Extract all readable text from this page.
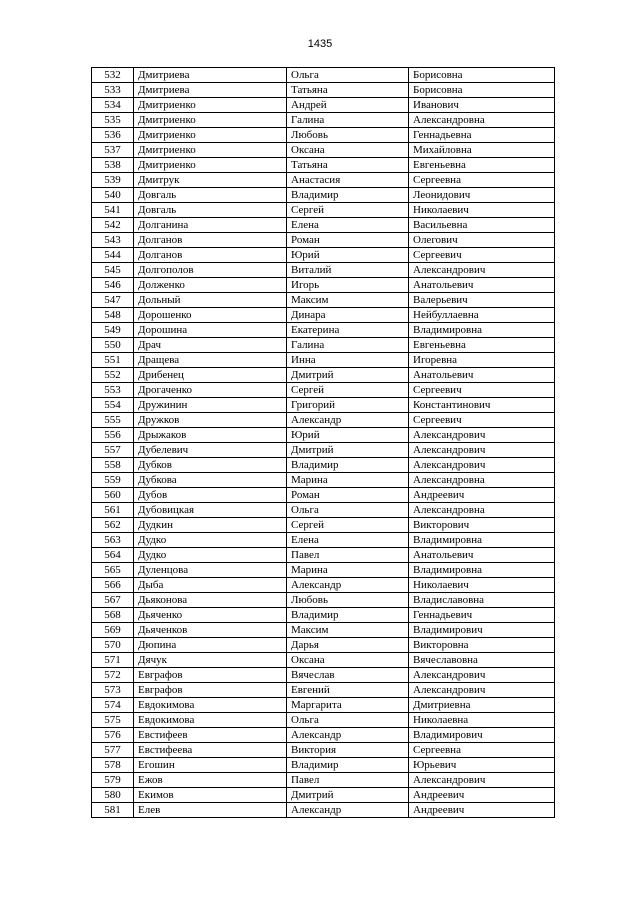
1435
532	Дмитриева	Ольга	Борисовна
533	Дмитриева	Татьяна	Борисовна
534	Дмитриенко	Андрей	Иванович
535	Дмитриенко	Галина	Александровна
536	Дмитриенко	Любовь	Геннадьевна
537	Дмитриенко	Оксана	Михайловна
538	Дмитриенко	Татьяна	Евгеньевна
539	Дмитрук	Анастасия	Сергеевна
540	Довгаль	Владимир	Леонидович
541	Довгаль	Сергей	Николаевич
542	Долганина	Елена	Васильевна
543	Долганов	Роман	Олегович
544	Долганов	Юрий	Сергеевич
545	Долгополов	Виталий	Александрович
546	Долженко	Игорь	Анатольевич
547	Дольный	Максим	Валерьевич
548	Дорошенко	Динара	Нейбуллаевна
549	Дорошина	Екатерина	Владимировна
550	Драч	Галина	Евгеньевна
551	Дращева	Инна	Игоревна
552	Дрибенец	Дмитрий	Анатольевич
553	Дрогаченко	Сергей	Сергеевич
554	Дружинин	Григорий	Константинович
555	Дружков	Александр	Сергеевич
556	Дрыжаков	Юрий	Александрович
557	Дубелевич	Дмитрий	Александрович
558	Дубков	Владимир	Александрович
559	Дубкова	Марина	Александровна
560	Дубов	Роман	Андреевич
561	Дубовицкая	Ольга	Александровна
562	Дудкин	Сергей	Викторович
563	Дудко	Елена	Владимировна
564	Дудко	Павел	Анатольевич
565	Дуленцова	Марина	Владимировна
566	Дыба	Александр	Николаевич
567	Дьяконова	Любовь	Владиславовна
568	Дьяченко	Владимир	Геннадьевич
569	Дьяченков	Максим	Владимирович
570	Дюпина	Дарья	Викторовна
571	Дячук	Оксана	Вячеславовна
572	Евграфов	Вячеслав	Александрович
573	Евграфов	Евгений	Александрович
574	Евдокимова	Маргарита	Дмитриевна
575	Евдокимова	Ольга	Николаевна
576	Евстифеев	Александр	Владимирович
577	Евстифеева	Виктория	Сергеевна
578	Егошин	Владимир	Юрьевич
579	Ежов	Павел	Александрович
580	Екимов	Дмитрий	Андреевич
581	Елев	Александр	Андреевич
